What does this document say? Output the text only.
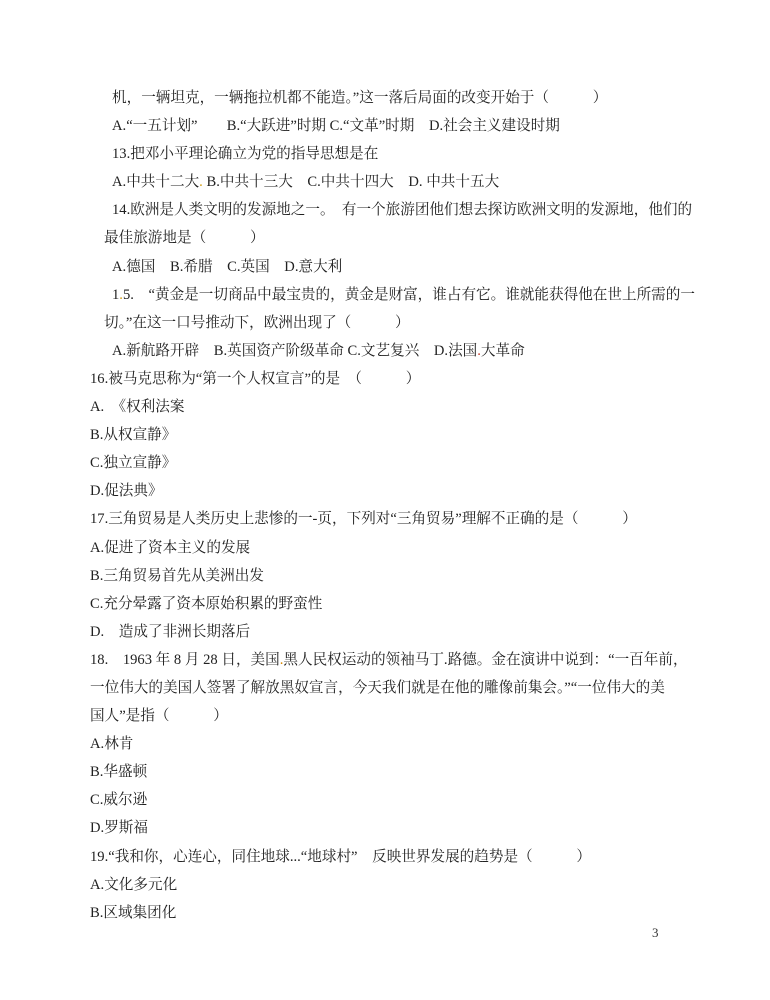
机，一辆坦克，一辆拖拉机都不能造。”这一落后局面的改变开始于（　　　）
A.“一五计划”　　B.“大跃进”时期 C.“文革”时期　D.社会主义建设时期
13.把邓小平理论确立为党的指导思想是在
A.中共十二大. B.中共十三大　C.中共十四大　D. 中共十五大
14.欧洲是人类文明的发源地之一。　有一个旅游团他们想去探访欧洲文明的发源地，他们的
最佳旅游地是（　　　）
A.德国　B.希腊　C.英国　D.意大利
1.5.　“黄金是一切商品中最宝贵的，黄金是财富，谁占有它。谁就能获得他在世上所需的一
切。”在这一口号推动下，欧洲出现了（　　　）
A.新航路开辟　B.英国资产阶级革命 C.文艺复兴　D.法国.大革命
16.被马克思称为“第一个人权宣言”的是　（　　　）
A.　《权利法案
B.从权宣静》
C.独立宣静》
D.促法典》
17.三角贸易是人类历史上悲惨的一-页，下列对“三角贸易”理解不正确的是（　　　）
A.促进了资本主义的发展
B.三角贸易首先从美洲出发
C.充分晕露了资本原始积累的野蛮性
D.　造成了非洲长期落后
18.　1963 年 8 月 28 日，美国.黑人民权运动的领袖马丁.路德。金在演讲中说到：“一百年前，
一位伟大的美国人签署了解放黑奴宣言，今天我们就是在他的雕像前集会。”“一位伟大的美
国人”是指（　　　）
A.林肯
B.华盛顿
C.威尔逊
D.罗斯福
19.“我和你，心连心，同住地球...“地球村”　反映世界发展的趋势是（　　　）
A.文化多元化
B.区域集团化
3
